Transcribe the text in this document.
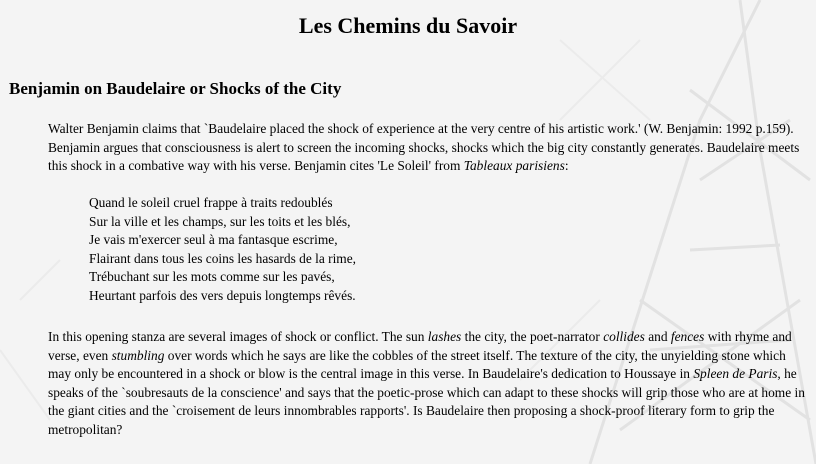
Les Chemins du Savoir
Benjamin on Baudelaire or Shocks of the City

Walter Benjamin claims that `Baudelaire placed the shock of experience at the very centre of his artistic work.' (W. Benjamin: 1992 p.159). Benjamin argues that consciousness is alert to screen the incoming shocks, shocks which the big city constantly generates. Baudelaire meets this shock in a combative way with his verse. Benjamin cites 'Le Soleil' from Tableaux parisiens:

Quand le soleil cruel frappe à traits redoublés
Sur la ville et les champs, sur les toits et les blés,
Je vais m'exercer seul à ma fantasque escrime,
Flairant dans tous les coins les hasards de la rime,
Trébuchant sur les mots comme sur les pavés,
Heurtant parfois des vers depuis longtemps rêvés.

In this opening stanza are several images of shock or conflict. The sun lashes the city, the poet-narrator collides and fences with rhyme and verse, even stumbling over words which he says are like the cobbles of the street itself. The texture of the city, the unyielding stone which may only be encountered in a shock or blow is the central image in this verse. In Baudelaire's dedication to Houssaye in Spleen de Paris, he speaks of the `soubresauts de la conscience' and says that the poetic-prose which can adapt to these shocks will grip those who are at home in the giant cities and the `croisement de leurs innombrables rapports'. Is Baudelaire then proposing a shock-proof literary form to grip the metropolitan?
